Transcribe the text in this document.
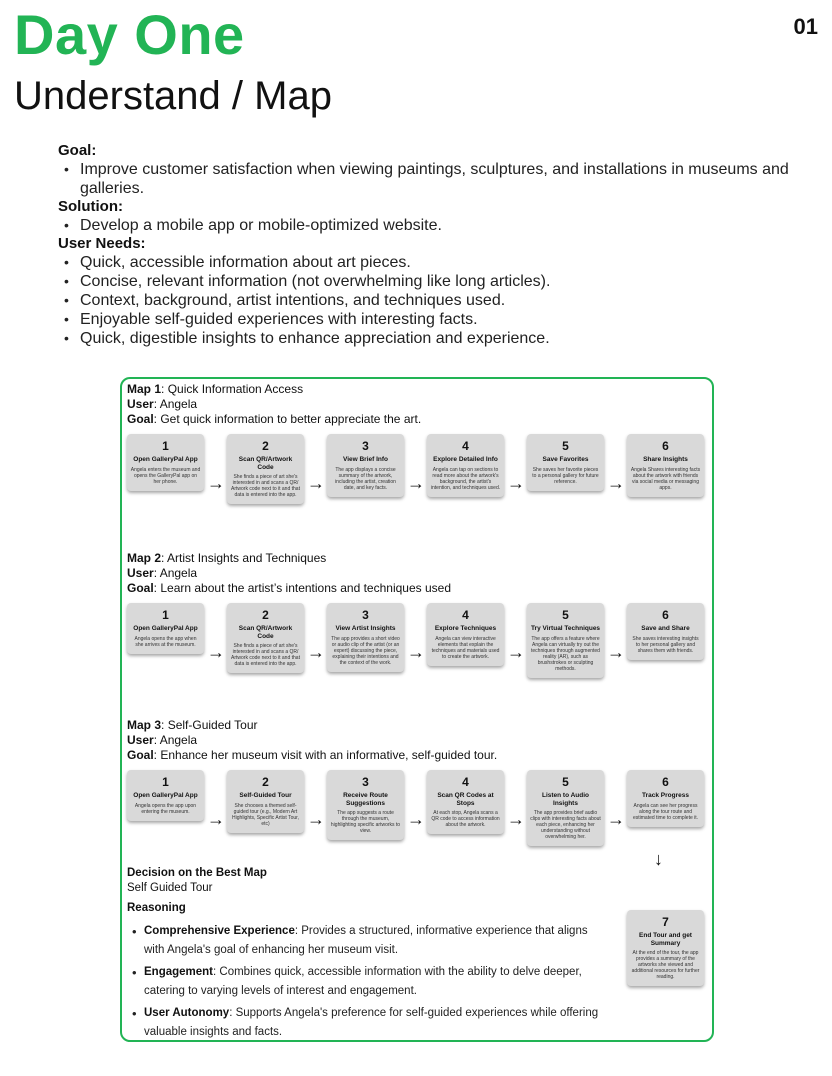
01
Day One
Understand / Map
Goal:
• Improve customer satisfaction when viewing paintings, sculptures, and installations in museums and galleries.
Solution:
• Develop a mobile app or mobile-optimized website.
User Needs:
• Quick, accessible information about art pieces.
• Concise, relevant information (not overwhelming like long articles).
• Context, background, artist intentions, and techniques used.
• Enjoyable self-guided experiences with interesting facts.
• Quick, digestible insights to enhance appreciation and experience.
Map 1: Quick Information Access
User: Angela
Goal: Get quick information to better appreciate the art.
1
Open GalleryPal App
Angela enters the museum and opens the GalleryPal app on her phone.
2
Scan QR/Artwork Code
She finds a piece of art she's interested in and scans a QR/ Artwork code next to it and that data is entered into the app.
3
View Brief Info
The app displays a concise summary of the artwork, including the artist, creation date, and key facts.
4
Explore Detailed Info
Angela can tap on sections to read more about the artwork's background, the artist's intention, and techniques used.
5
Save Favorites
She saves her favorite pieces to a personal gallery for future reference.
6
Share Insights
Angela Shares interesting facts about the artwork with friends via social media or messaging apps.
→	→	→	→	→
Map 2: Artist Insights and Techniques
User: Angela
Goal: Learn about the artist’s intentions and techniques used
1
Open GalleryPal App
Angela opens the app when she arrives at the museum.
2
Scan QR/Artwork Code
She finds a piece of art she's interested in and scans a QR/ Artwork code next to it and that data is entered into the app.
3
View Artist Insights
The app provides a short video or audio clip of the artist (or an expert) discussing the piece, explaining their intentions and the context of the work.
4
Explore Techniques
Angela can view interactive elements that explain the techniques and materials used to create the artwork.
5
Try Virtual Techniques
The app offers a feature where Angela can virtually try out the techniques through augmented reality (AR), such as brushstrokes or sculpting methods.
6
Save and Share
She saves interesting insights to her personal gallery and shares them with friends.
→	→	→	→	→
Map 3: Self-Guided Tour
User: Angela
Goal: Enhance her museum visit with an informative, self-guided tour.
1
Open GalleryPal App
Angela opens the app upon entering the museum.
2
Self-Guided Tour
She chooses a themed self-guided tour (e.g., Modern Art Highlights, Specific Artist Tour, etc)
3
Receive Route Suggestions
The app suggests a route through the museum, highlighting specific artworks to view.
4
Scan QR Codes at Stops
At each stop, Angela scans a QR code to access information about the artwork.
5
Listen to Audio Insights
The app provides brief audio clips with interesting facts about each piece, enhancing her understanding without overwhelming her.
6
Track Progress
Angela can see her progress along the tour route and estimated time to complete it.
7
End Tour and get Summary
At the end of the tour, the app provides a summary of the artworks she viewed and additional resources for further reading.
→	→	→	→	→
↓
Decision on the Best Map
Self Guided Tour
Reasoning
• Comprehensive Experience: Provides a structured, informative experience that aligns with Angela's goal of enhancing her museum visit.
• Engagement: Combines quick, accessible information with the ability to delve deeper, catering to varying levels of interest and engagement.
• User Autonomy: Supports Angela's preference for self-guided experiences while offering valuable insights and facts.
